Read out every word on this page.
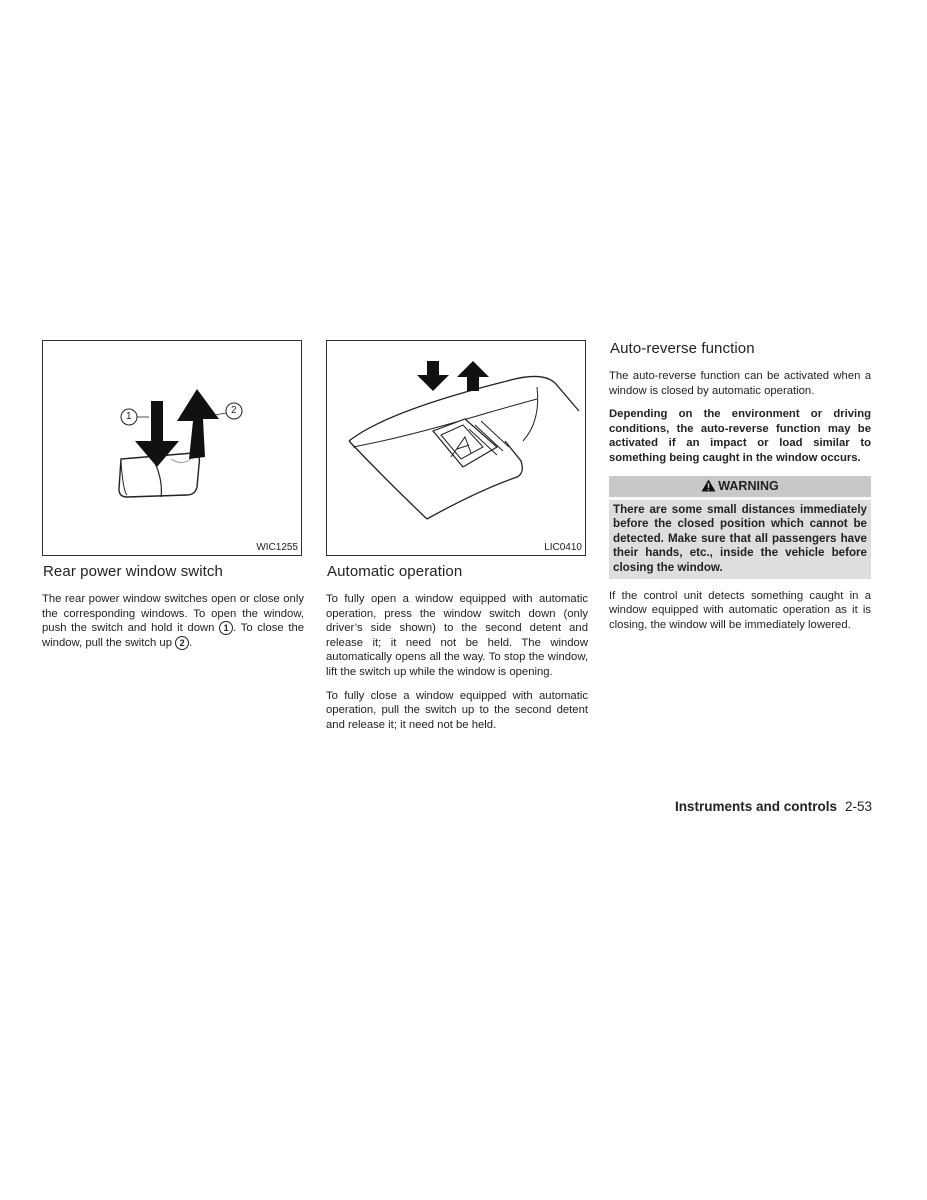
1
2
WIC1255
Rear power window switch

The rear power window switches open or close only the corresponding windows. To open the window, push the switch and hold it down 1 . To close the window, pull the switch up 2 .

LIC0410
Automatic operation

To fully open a window equipped with automatic operation, press the window switch down (only driver’s side shown) to the second detent and release it; it need not be held. The window automatically opens all the way. To stop the window, lift the switch up while the window is opening.

To fully close a window equipped with automatic operation, pull the switch up to the second detent and release it; it need not be held.

Auto-reverse function

The auto-reverse function can be activated when a window is closed by automatic operation.

Depending on the environment or driving conditions, the auto-reverse function may be activated if an impact or load similar to something being caught in the window occurs.

WARNING
There are some small distances immediately before the closed position which cannot be detected. Make sure that all passengers have their hands, etc., inside the vehicle before closing the window.

If the control unit detects something caught in a window equipped with automatic operation as it is closing, the window will be immediately lowered.

Instruments and controls 2-53
